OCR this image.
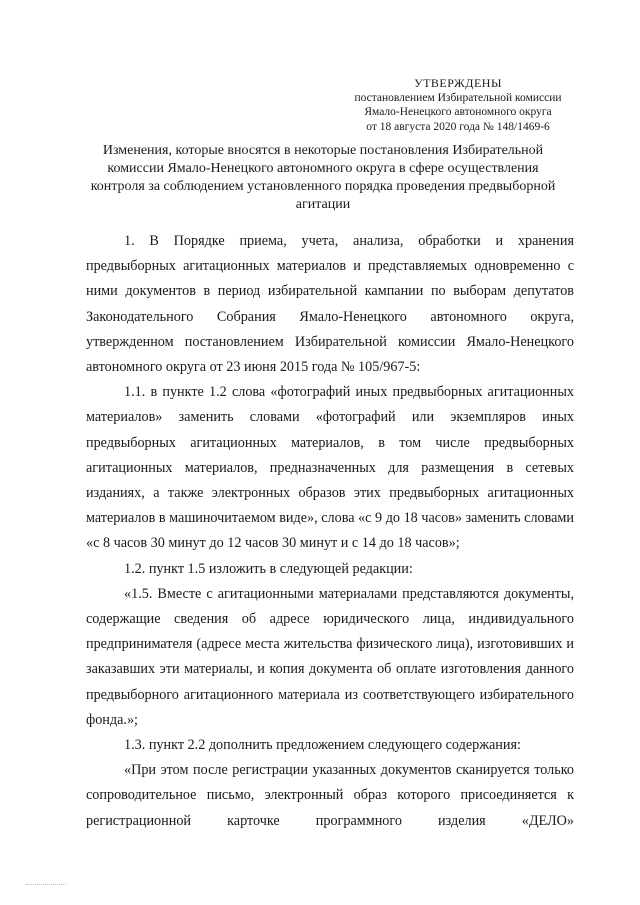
УТВЕРЖДЕНЫ
постановлением Избирательной комиссии
Ямало-Ненецкого автономного округа
от 18 августа 2020 года № 148/1469-6
Изменения, которые вносятся в некоторые постановления Избирательной комиссии Ямало-Ненецкого автономного округа в сфере осуществления контроля за соблюдением установленного порядка проведения предвыборной агитации

1. В Порядке приема, учета, анализа, обработки и хранения предвыборных агитационных материалов и представляемых одновременно с ними документов в период избирательной кампании по выборам депутатов Законодательного Собрания Ямало-Ненецкого автономного округа, утвержденном постановлением Избирательной комиссии Ямало-Ненецкого автономного округа от 23 июня 2015 года № 105/967-5:

1.1. в пункте 1.2 слова «фотографий иных предвыборных агитационных материалов» заменить словами «фотографий или экземпляров иных предвыборных агитационных материалов, в том числе предвыборных агитационных материалов, предназначенных для размещения в сетевых изданиях, а также электронных образов этих предвыборных агитационных материалов в машиночитаемом виде», слова «с 9 до 18 часов» заменить словами «с 8 часов 30 минут до 12 часов 30 минут и с 14 до 18 часов»;

1.2. пункт 1.5 изложить в следующей редакции:

«1.5. Вместе с агитационными материалами представляются документы, содержащие сведения об адресе юридического лица, индивидуального предпринимателя (адресе места жительства физического лица), изготовивших и заказавших эти материалы, и копия документа об оплате изготовления данного предвыборного агитационного материала из соответствующего избирательного фонда.»;

1.3. пункт 2.2 дополнить предложением следующего содержания:

«При этом после регистрации указанных документов сканируется только сопроводительное письмо, электронный образ которого присоединяется к регистрационной карточке программного изделия «ДЕЛО»
